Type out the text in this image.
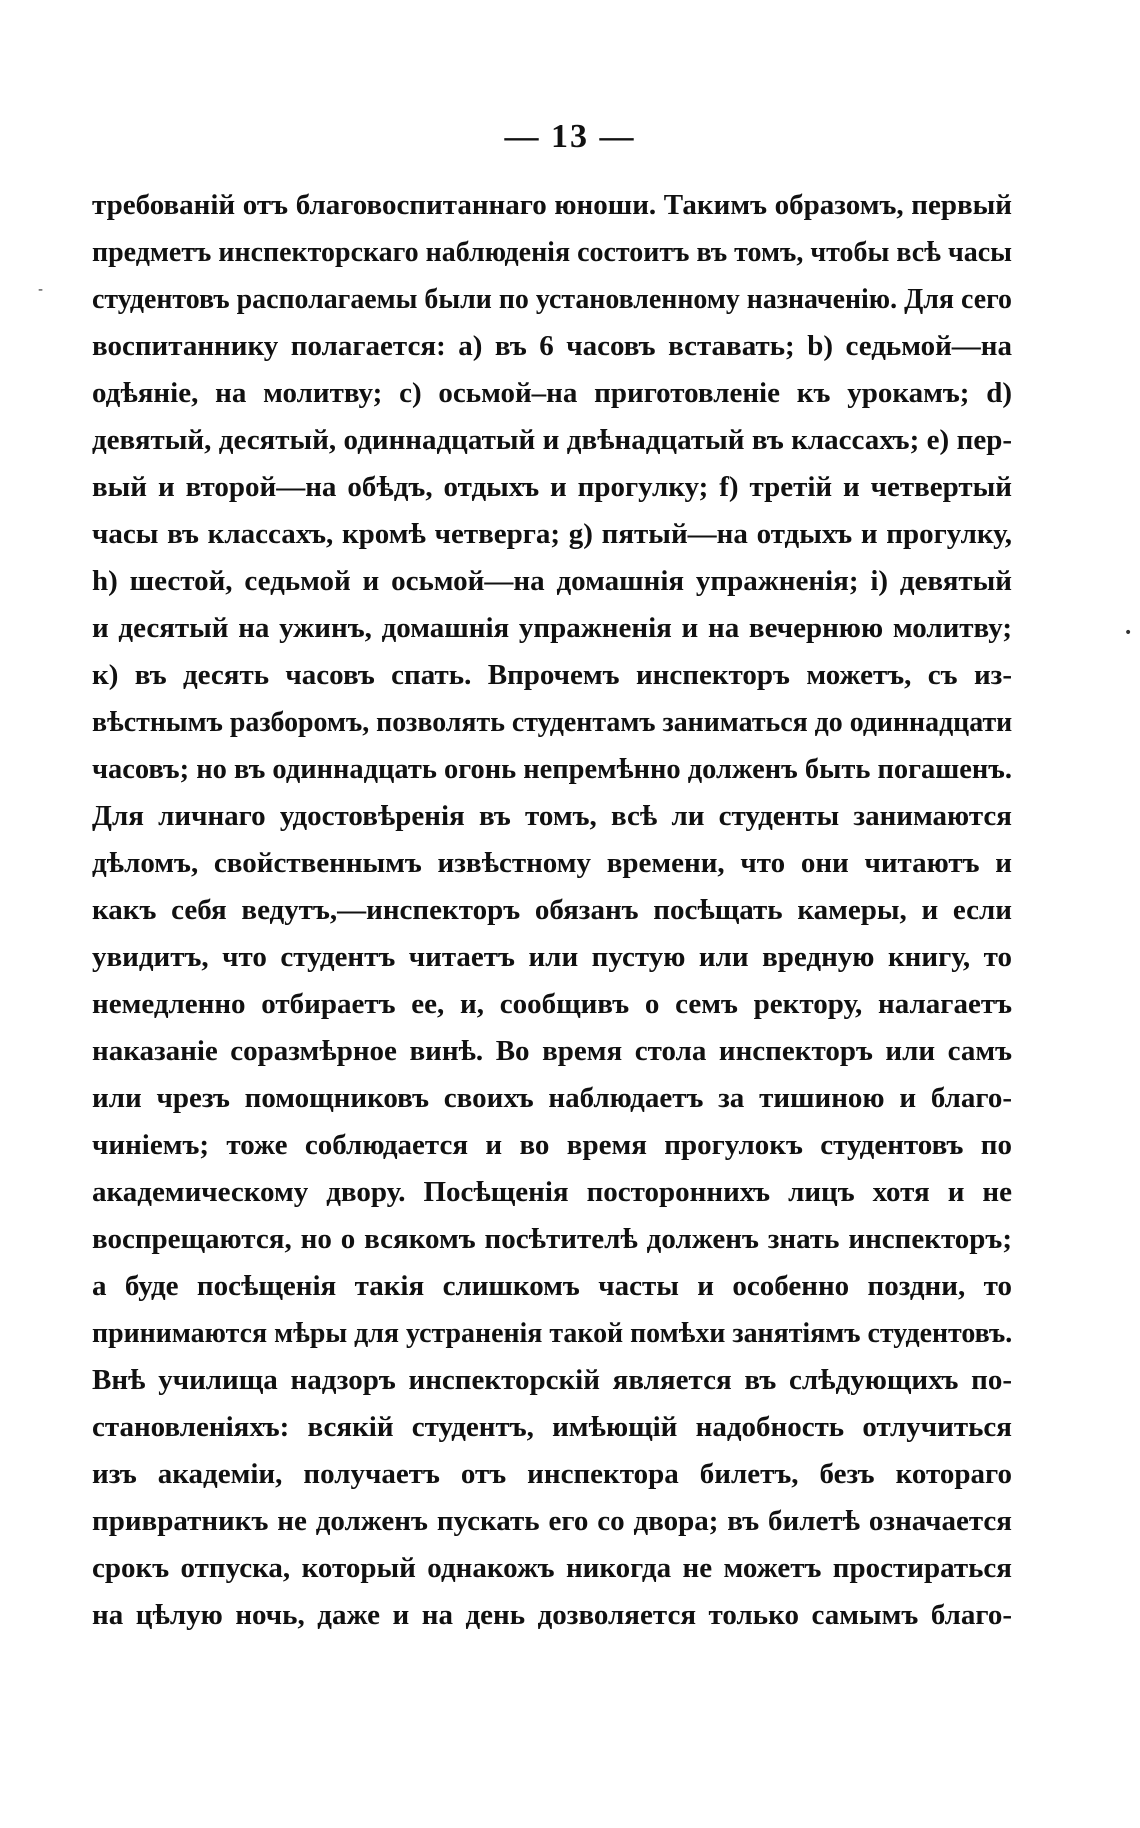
— 13 —
требованій отъ благовоспитаннаго юноши. Такимъ образомъ, первый
предметъ инспекторскаго наблюденія состоитъ въ томъ, чтобы всѣ часы
студентовъ располагаемы были по установленному назначенію. Для сего
воспитаннику полагается: a) въ 6 часовъ вставать; b) седьмой—на
одѣяніе, на молитву; c) осьмой–на приготовленіе къ урокамъ; d)
девятый, десятый, одиннадцатый и двѣнадцатый въ классахъ; e) пер-
вый и второй—на обѣдъ, отдыхъ и прогулку; f) третій и четвертый
часы въ классахъ, кромѣ четверга; g) пятый—на отдыхъ и прогулку,
h) шестой, седьмой и осьмой—на домашнія упражненія; i) девятый
и десятый на ужинъ, домашнія упражненія и на вечернюю молитву;
к) въ десять часовъ спать. Впрочемъ инспекторъ можетъ, съ из-
вѣстнымъ разборомъ, позволять студентамъ заниматься до одиннадцати
часовъ; но въ одиннадцать огонь непремѣнно долженъ быть погашенъ.
Для личнаго удостовѣренія въ томъ, всѣ ли студенты занимаются
дѣломъ, свойственнымъ извѣстному времени, что они читаютъ и
какъ себя ведутъ,—инспекторъ обязанъ посѣщать камеры, и если
увидитъ, что студентъ читаетъ или пустую или вредную книгу, то
немедленно отбираетъ ее, и, сообщивъ о семъ ректору, налагаетъ
наказаніе соразмѣрное винѣ. Во время стола инспекторъ или самъ
или чрезъ помощниковъ своихъ наблюдаетъ за тишиною и благо-
чиніемъ; тоже соблюдается и во время прогулокъ студентовъ по
академическому двору. Посѣщенія постороннихъ лицъ хотя и не
воспрещаются, но о всякомъ посѣтителѣ долженъ знать инспекторъ;
а буде посѣщенія такія слишкомъ часты и особенно поздни, то
принимаются мѣры для устраненія такой помѣхи занятіямъ студентовъ.
Внѣ училища надзоръ инспекторскій является въ слѣдующихъ по-
становленіяхъ: всякій студентъ, имѣющій надобность отлучиться
изъ академіи, получаетъ отъ инспектора билетъ, безъ котораго
привратникъ не долженъ пускать его со двора; въ билетѣ означается
срокъ отпуска, который однакожъ никогда не можетъ простираться
на цѣлую ночь, даже и на день дозволяется только самымъ благо-
‑
•
